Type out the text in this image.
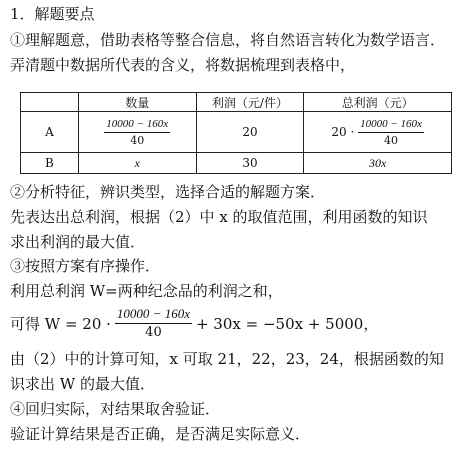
1．解题要点
①理解题意，借助表格等整合信息，将自然语言转化为数学语言．
弄清题中数据所代表的含义，将数据梳理到表格中，
	数量	利润（元/件）	总利润（元）
A	$\frac{10000 - 160x}{40}$	20	$20 \cdot \frac{10000 - 160x}{40}$

B	x	30	30x
②分析特征，辨识类型，选择合适的解题方案．
先表达出总利润，根据（2）中 x 的取值范围，利用函数的知识
求出利润的最大值．
③按照方案有序操作．
利用总利润 W=两种纪念品的利润之和，
可得 $W = 20 \cdot \frac{10000 - 160x}{40} + 30x = -50x + 5000$，
由（2）中的计算可知，x 可取 21，22，23，24，根据函数的知
识求出 W 的最大值．
④回归实际，对结果取舍验证．
验证计算结果是否正确，是否满足实际意义．
